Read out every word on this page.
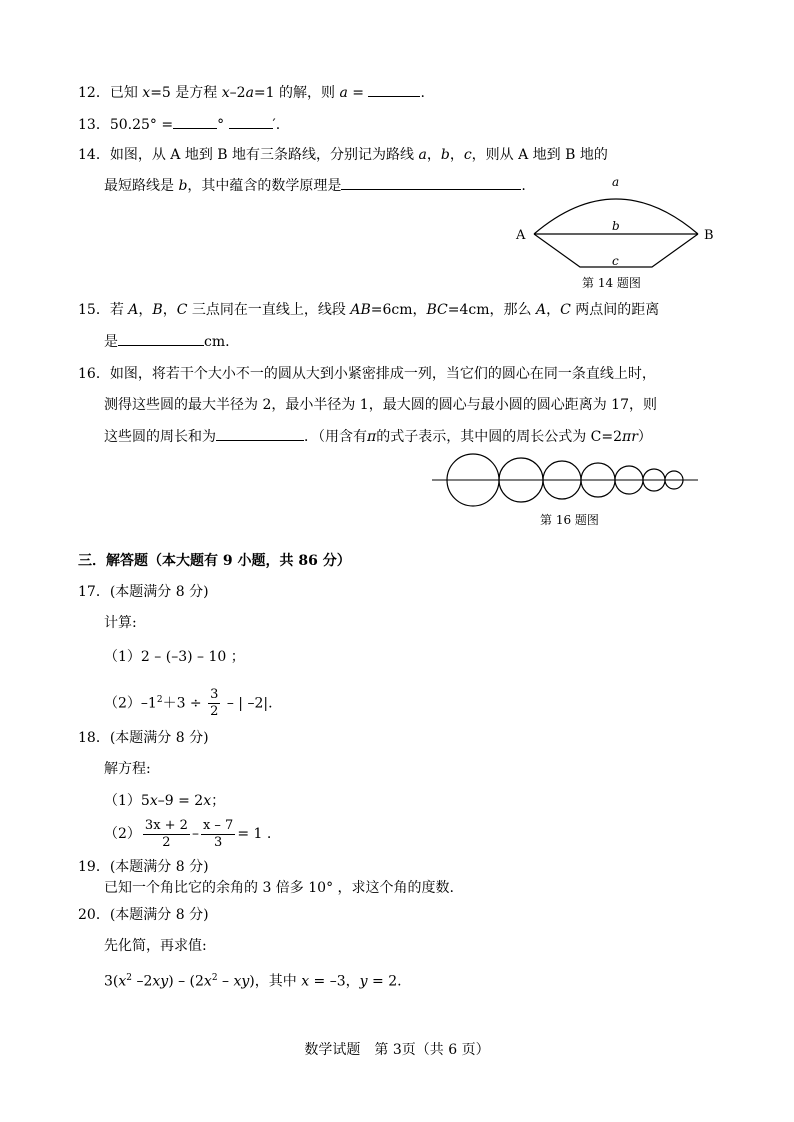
12．已知 x=5 是方程 x–2a=1 的解，则 a =	.
13．50.25° =	°	′.
14．如图，从 A 地到 B 地有三条路线，分别记为路线 a，b，c，则从 A 地到 B 地的
最短路线是 b，其中蕴含的数学原理是	.	a
b
c
A	B
第 14 题图
15．若 A，B，C 三点同在一直线上，线段 AB=6cm，BC=4cm，那么 A，C 两点间的距离
是	cm.
16．如图，将若干个大小不一的圆从大到小紧密排成一列，当它们的圆心在同一条直线上时，
测得这些圆的最大半径为 2，最小半径为 1，最大圆的圆心与最小圆的圆心距离为 17，则
这些圆的周长和为	．（用含有π的式子表示，其中圆的周长公式为 C=2πr）
第 16 题图
三．解答题（本大题有 9 小题，共 86 分）
17．(本题满分 8 分)
计算:
（1）2 – (–3) – 10 ；
$(2)-1^2+3 \div \frac{3}{2}$ – | –2|.
18．(本题满分 8 分)
解方程:
（1）5x–9 = 2x；
$(2) \frac{3x + 2}{2} - \frac{x - 7}{3} = 1$ .
19．(本题满分 8 分)
已知一个角比它的余角的 3 倍多 10° ，求这个角的度数.
20．(本题满分 8 分)
先化简，再求值:
$3(x^2$ $-2xy) - (2x^2 - xy)$，其中 x = –3，y = 2.
数学试题　第 3页（共 6 页）
